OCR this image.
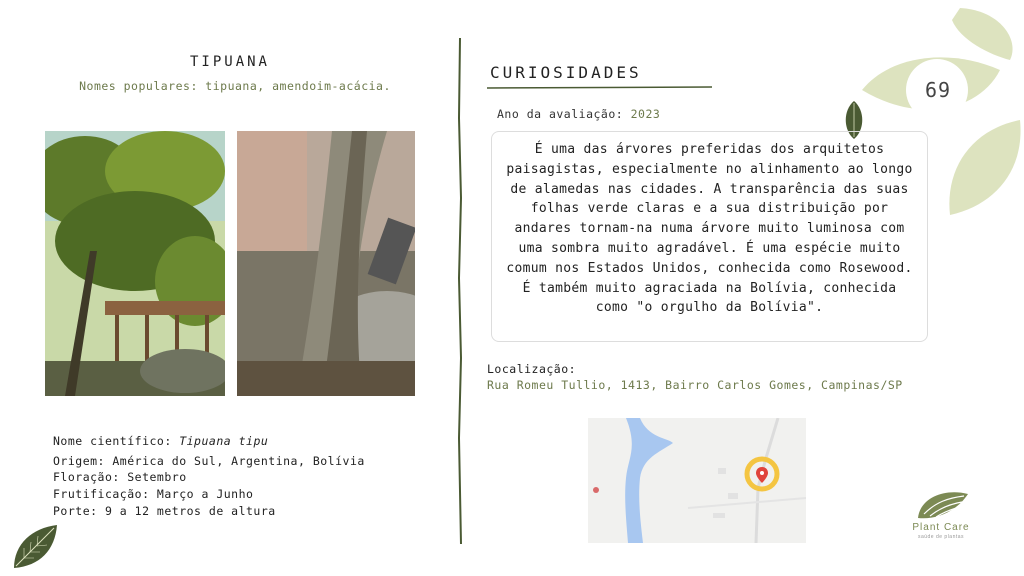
TIPUANA
Nomes populares: tipuana, amendoim-acácia.
Nome científico: Tipuana tipu
Origem: América do Sul, Argentina, Bolívia
Floração: Setembro
Frutificação: Março a Junho
Porte: 9 a 12 metros de altura
CURIOSIDADES
Ano da avaliação: 2023
É uma das árvores preferidas dos arquitetos paisagistas, especialmente no alinhamento ao longo de alamedas nas cidades. A transparência das suas folhas verde claras e a sua distribuição por andares tornam-na numa árvore muito luminosa com uma sombra muito agradável. É uma espécie muito comum nos Estados Unidos, conhecida como Rosewood. É também muito agraciada na Bolívia, conhecida como "o orgulho da Bolívia".
Localização:
Rua Romeu Tullio, 1413, Bairro Carlos Gomes, Campinas/SP
69
Plant Care
saúde de plantas
